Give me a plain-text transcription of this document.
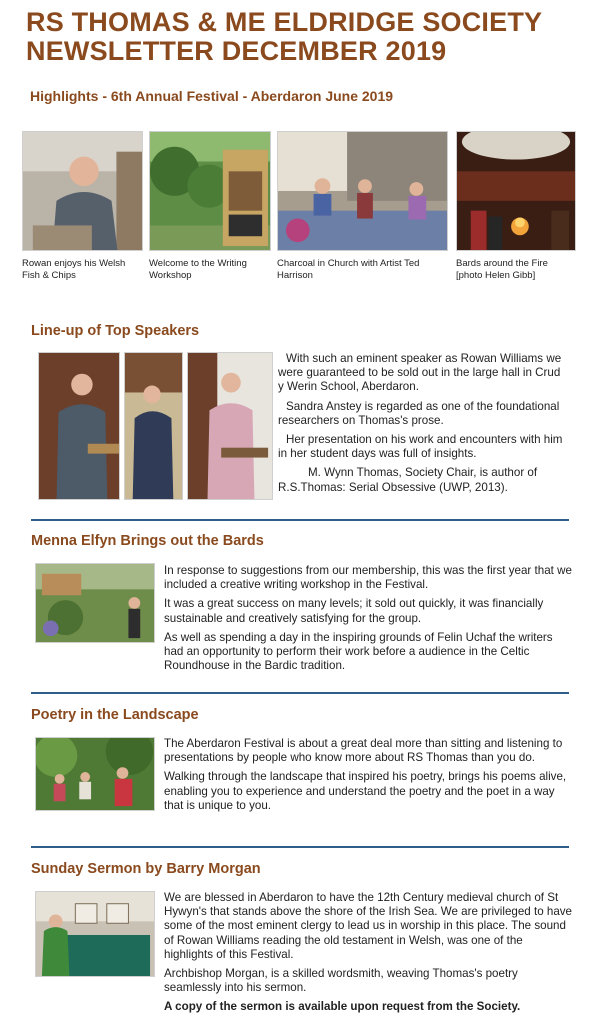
RS THOMAS & ME ELDRIDGE SOCIETY
NEWSLETTER DECEMBER 2019
Highlights - 6th Annual Festival - Aberdaron June 2019
Rowan enjoys his Welsh Fish & Chips
Welcome to the Writing Workshop
Charcoal in Church with Artist Ted Harrison
Bards around the Fire [photo Helen Gibb]
Line-up of Top Speakers

With such an eminent speaker as Rowan Williams we were guaranteed to be sold out in the large hall in Crud y Werin School, Aberdaron.

Sandra Anstey is regarded as one of the foundational researchers on Thomas's prose.

Her presentation on his work and encounters with him in her student days was full of insights.

M. Wynn Thomas, Society Chair, is author of R.S.Thomas: Serial Obsessive (UWP, 2013).

Menna Elfyn Brings out the Bards

In response to suggestions from our membership, this was the first year that we included a creative writing workshop in the Festival.

It was a great success on many levels; it sold out quickly, it was financially sustainable and creatively satisfying for the group.

As well as spending a day in the inspiring grounds of Felin Uchaf the writers had an opportunity to perform their work before a audience in the Celtic Roundhouse in the Bardic tradition.

Poetry in the Landscape

The Aberdaron Festival is about a great deal more than sitting and listening to presentations by people who know more about RS Thomas than you do.

Walking through the landscape that inspired his poetry, brings his poems alive, enabling you to experience and understand the poetry and the poet in a way that is unique to you.

Sunday Sermon by Barry Morgan

We are blessed in Aberdaron to have the 12th Century medieval church of St Hywyn's that stands above the shore of the Irish Sea. We are privileged to have some of the most eminent clergy to lead us in worship in this place. The sound of Rowan Williams reading the old testament in Welsh, was one of the highlights of this Festival.

Archbishop Morgan, is a skilled wordsmith, weaving Thomas's poetry seamlessly into his sermon.

A copy of the sermon is available upon request from the Society.
